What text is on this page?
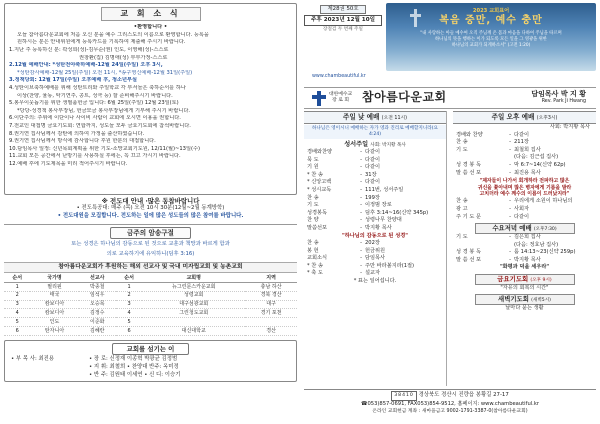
교 회 소 식
•환영합니다 •
오늘 참아름다운교회에 처음 오신 분을 예수 그리스도의 이름으로 환영합니다. 등록을
원하시는 분은 안내위원에게 등록카드를 기록하여 제출해 주시기 바랍니다.
1.지난 주 등록하신 분: 곽성희(성)-김무순(권) 인도, 이영해(성)-스스로
권창환(집) 김명애(성) 부부가정-스스로
2.12월 예배안내: *성탄전야축하예배-12월 24일(주일) 오후 3시,
*성탄감사예배-12월 25일(주일) 오전 11시, *송구영신예배-12월 31일(주일)
3.정책당회: 12월 17일(주일) 오후예배 후, 청소년부실
4.성탄이브축하예배를 위해 성탄트리와 주일학교 각 부서들은 축하순서를 하나
이상(찬양, 율동, 악기연주, 콩트, 성극 등) 잘 준비해주시기 바랍니다.
5.봉우이웃돕기를 위한 생필품헌금 입니다: 6월 25일(주일) 12월 23일(토)
*당당-성경책 봉사부장님, 헌금모금 봉사부장님에게 기부해 주시기 바랍니다.
6.이단주의: 주위에 이단이나 사이비 사람이 교회에 오시면 이용을 권합니다.
7.전교인 대접명 금요기도회: 연합까지, 성도들 모두 금요기도회에 참석바랍니다.
8.권기연 집사님께서 감탄에 의하여 가정을 출산하였습니다.
9.권기연 집사님께서 방식에 감사합니다 후원 한분의 대접합니다.
10.담임목사 일정: 신년목회계획을 위한 기도-소망교회기도원, 12/11(월)~13일(수)
11.교회 모든 공간에서 난방기를 사용하실 후에는, 꼭 끄고 가시기 바랍니다.
12.예배 후에 기도제목을 미리 적어주시기 바랍니다.
※ 전도대 안내 ·많은 동참바랍니다
• 전도특공대: 매주 (목) 오전 10시 30분(12월~2월 동계방학)
• 전도대원을 모집합니다. 전도하는 일에 많은 성도들의 많은 참여를 바랍니다.
금주의 암송구절
또는 성경은 하나님의 감동으로 된 것으로 교훈과 책망과 바르게 함과
의로 교육하기에 유익하니(딤후 3:16)
참아름다운교회가 후원하는 해외 선교사 및 국내 미자립교회 및 농촌교회
순서	국가명	선교사	순서	교회명	지역
1	필리핀	박종철	1	뉴그린문스카운교회	충남 하산
2	태국	임석우	2	성령교회	경북 경산
3	캄보디아	오승목	3	대구섬광교회	대구
4	캄보디아	김정수	4	그린청도교회	경기 포천
5	인도	이준화	5		
6	탄자니아	김혜란	6	대신대학교	경산
교회를 섬기는 이
• 부 목 사: 최진용	• 장 로: 신정재 이종혁 박광균 김정범
• 지 휘: 최철희 • 찬양대 반주: 옥미정
• 반 주: 김원태 이세연 • 신 디: 이승기
제28권 50호
주후 2023년 12월 10일
장절검 두 번째 주일
2023 교회표어
복음 중만, 예수 충만
"내 사랑하는 아들 예수여 오직 주님께 온 몸과 마음을 다하여 주님을 따르며
하나님의 뜻을 행하는 이가 되도록 모든 일을 그 영광을 위한
하나님의 교회가 되게하소서" (고전 1:20)
www.chambeautiful.kr
대한예수교
장 로 회 참아름다운교회	담임목사 박 지 황
Rev. Park Ji Hwang
주일 낮 예배 (오전 11시)
하나님은 영이시니 예배하는 자가 영과 진리로 예배할지니라(요4:24)
성서주일 사회: 박지황 목사
경배와찬양	- 다같이
묵 도	- 다같이
기 원	- 다같이
* 찬 송	- 31장
* 신앙고백	- 다같이
* 성시교독	- 111번, 성서주일
찬 송	- 199장
기 도	- 이정범 장로
성경봉독	- 딤후 3:14~16(신약 345p)
찬 양	- 성령나무 찬양대
말씀선포	- 박지황 목사
"하나님의 감동으로 된 성경"
찬 송	- 202장
봉 헌	- 헌금위원
교회소식	- 담임목사
* 찬 송	- 주만 바라볼지라(1절)
* 축 도	- 설교자
* 표는 일어섭니다.
주일 오후 예배 (오후3시)
사회: 박지황 목사
경배와 찬양	- 다같이
찬 송	- 211장
기 도	- 최철희 집사
(다음: 김근섭 집사)
성 경 봉 독	- 막 6:7~14(신약 62p)
말 씀 선 포	- 최진용 목사
"제자들이 나가서 회개하라 전파하고 많은
귀신을 쫓아내며 많은 병자에게 기름을 발라
고치더라 예수 께수의 이름이 드러났지라"
찬 송	- 우리에게 소원이 하나님의
광 고	- 사회자
주 기 도 문	- 다같이
수요저녁 예배 (오후7:30)
기 도	- 김은희 집사
(다음: 정효남 집사)
성 경 봉 독	- 룸 14:13~23(신약 259p)
말 씀 선 포	- 박지황 목사
"화평과 덕을 세우라"
금요기도회 (오후 9시)
"자유의 회복의 시간"
새벽기도회 (새벽5시)
날마다 묻는 생활
38410 경상북도 경산시 진량읍 봉황길 27-17
☎053)857-0691, FAX053)854-9512, 홈페이지: www.chambeautiful.kr
온라인 교회헌금 계좌 : 새마을금고 9002-1791-3387-0(참아름다운교회)
